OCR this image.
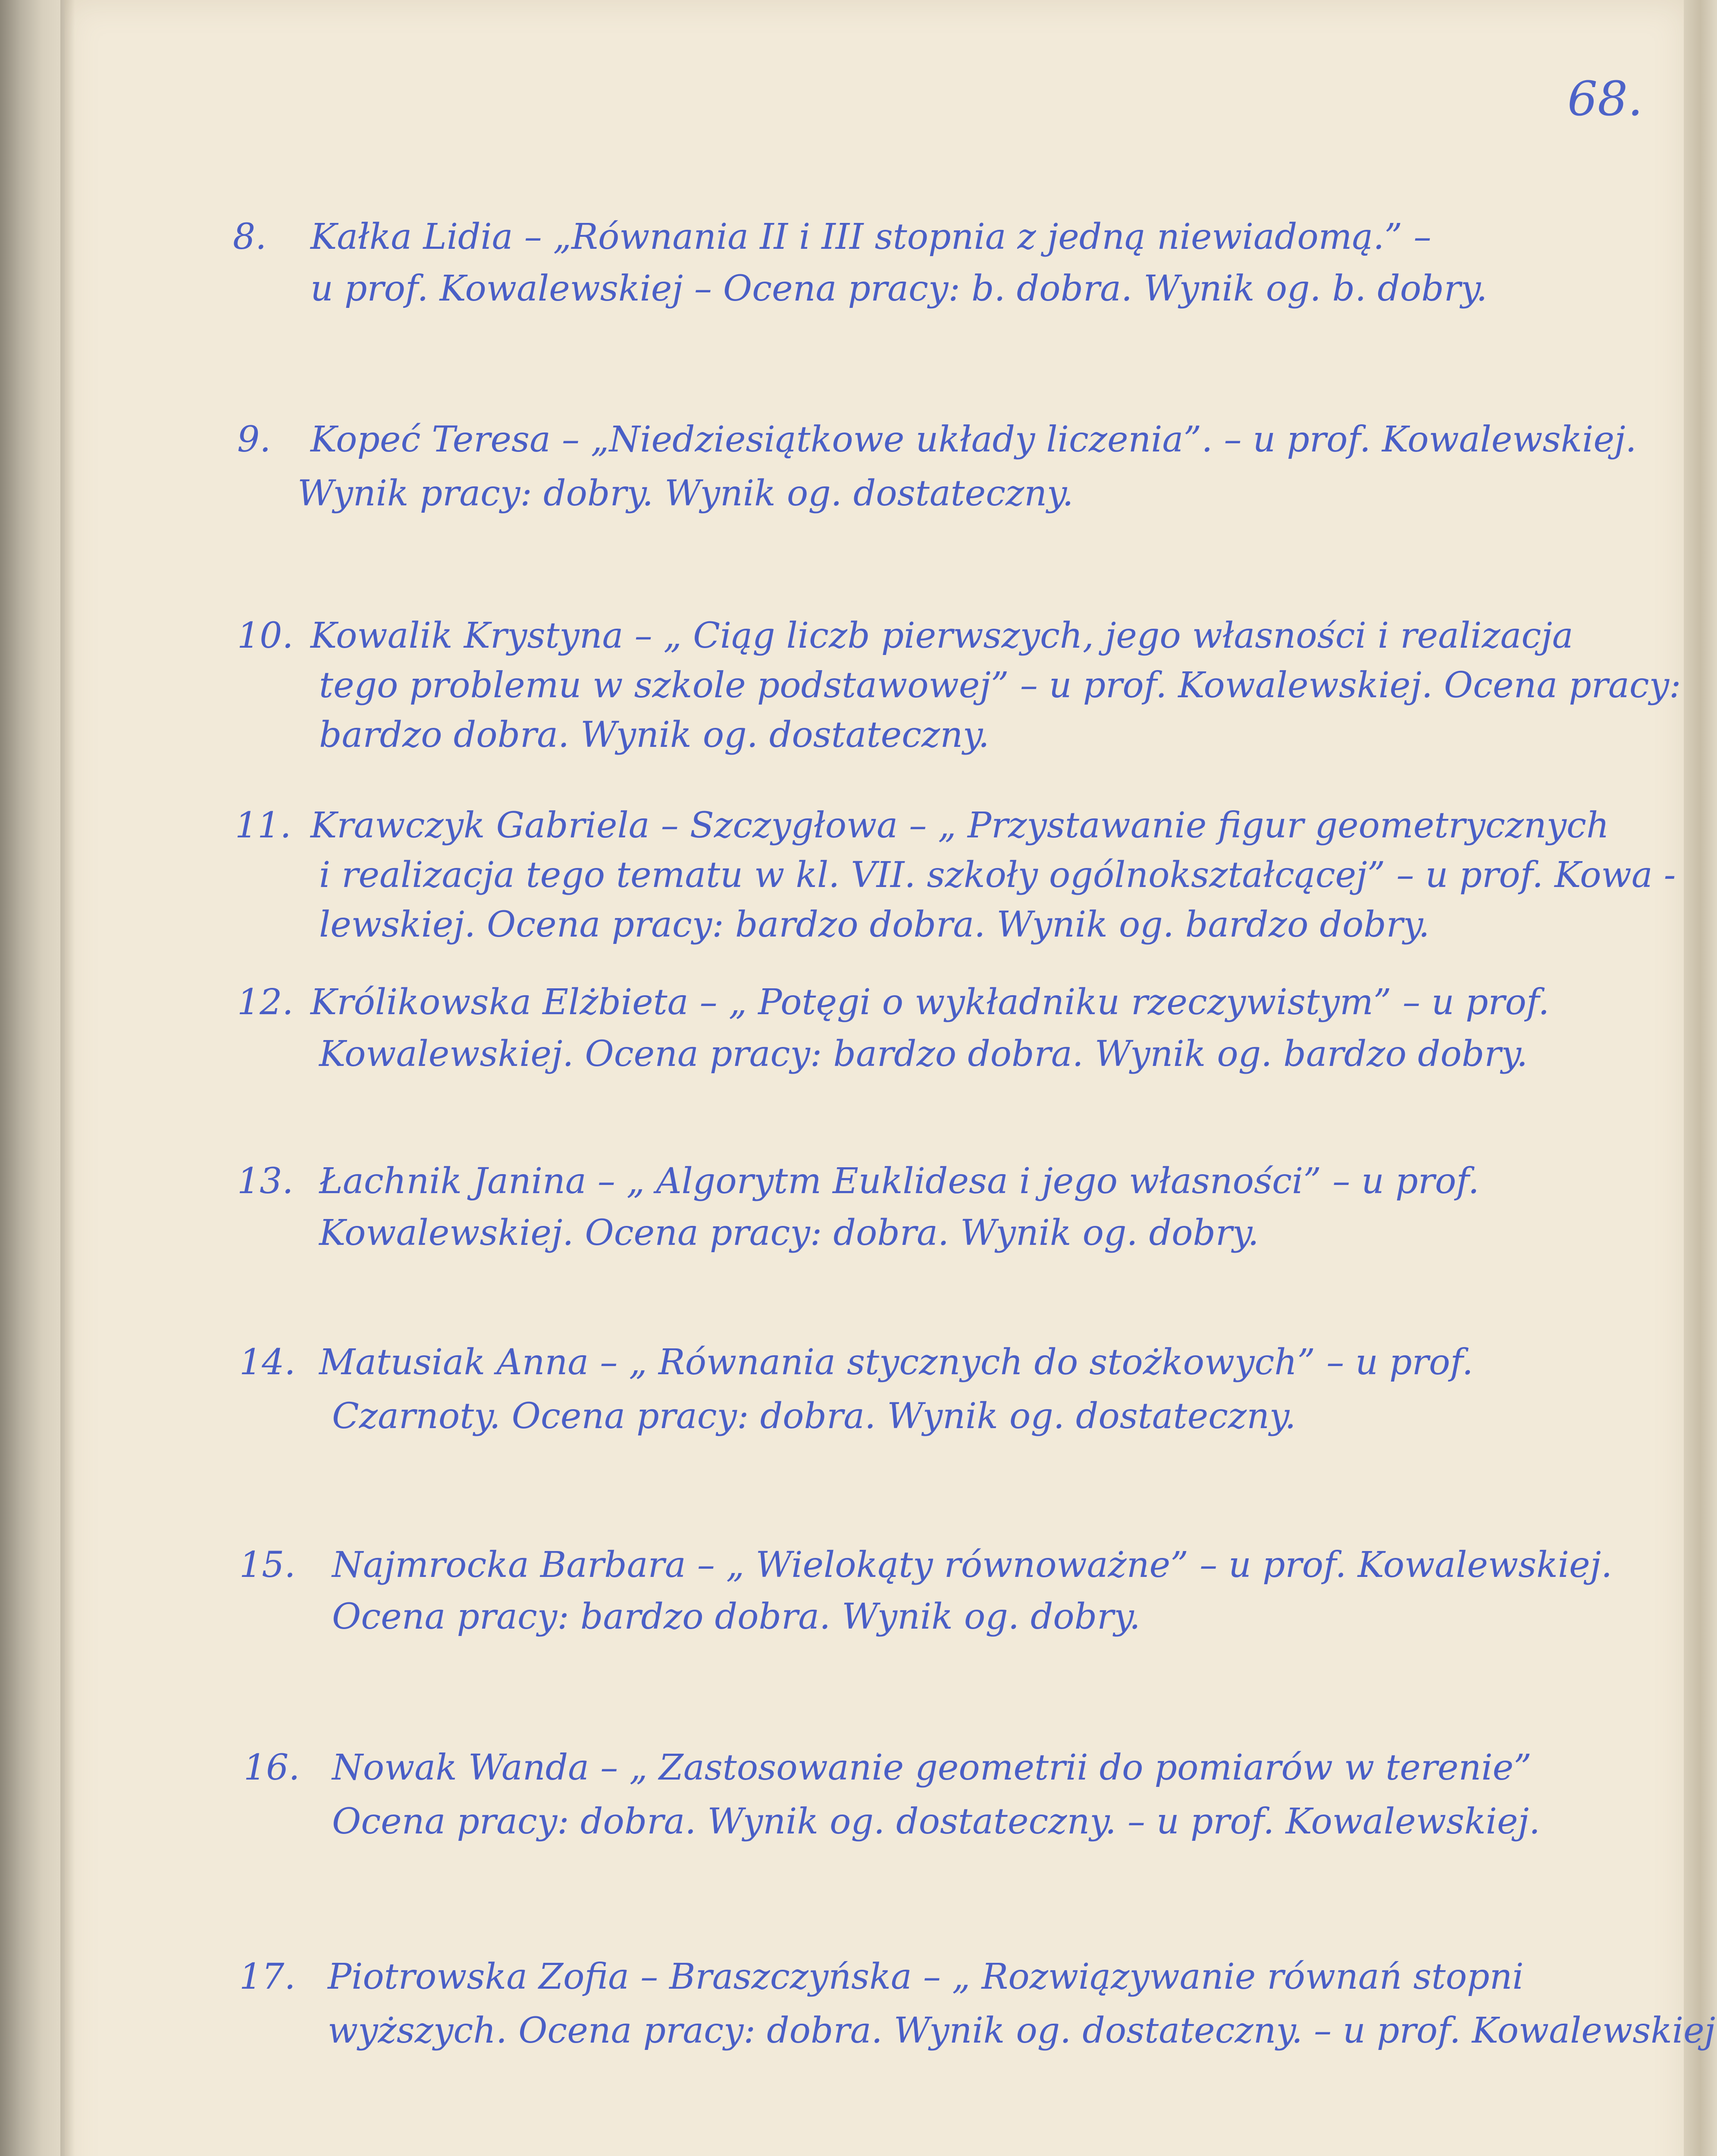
68.
8.	Kałka Lidia – „Równania II i III stopnia z jedną niewiadomą.” –
u prof. Kowalewskiej – Ocena pracy: b. dobra. Wynik og. b. dobry.
9.	Kopeć Teresa – „Niedziesiątkowe układy liczenia”. – u prof. Kowalewskiej.
Wynik pracy: dobry. Wynik og. dostateczny.
10. Kowalik Krystyna – „ Ciąg liczb pierwszych, jego własności i realizacja
tego problemu w szkole podstawowej” – u prof. Kowalewskiej. Ocena pracy:
bardzo dobra. Wynik og. dostateczny.
11. Krawczyk Gabriela – Szczygłowa – „ Przystawanie figur geometrycznych
i realizacja tego tematu w kl. VII. szkoły ogólnokształcącej” – u prof. Kowa -
lewskiej. Ocena pracy: bardzo dobra. Wynik og. bardzo dobry.
12. Królikowska Elżbieta – „ Potęgi o wykładniku rzeczywistym” – u prof.
Kowalewskiej. Ocena pracy: bardzo dobra. Wynik og. bardzo dobry.
13. Łachnik Janina – „ Algorytm Euklidesa i jego własności” – u prof.
Kowalewskiej. Ocena pracy: dobra. Wynik og. dobry.
14. Matusiak Anna – „ Równania stycznych do stożkowych” – u prof.
Czarnoty. Ocena pracy: dobra. Wynik og. dostateczny.
15.	Najmrocka Barbara – „ Wielokąty równoważne” – u prof. Kowalewskiej.
Ocena pracy: bardzo dobra. Wynik og. dobry.
16. Nowak Wanda – „ Zastosowanie geometrii do pomiarów w terenie”
Ocena pracy: dobra. Wynik og. dostateczny. – u prof. Kowalewskiej.
17. Piotrowska Zofia – Braszczyńska – „ Rozwiązywanie równań stopni
wyższych. Ocena pracy: dobra. Wynik og. dostateczny. – u prof. Kowalewskiej
